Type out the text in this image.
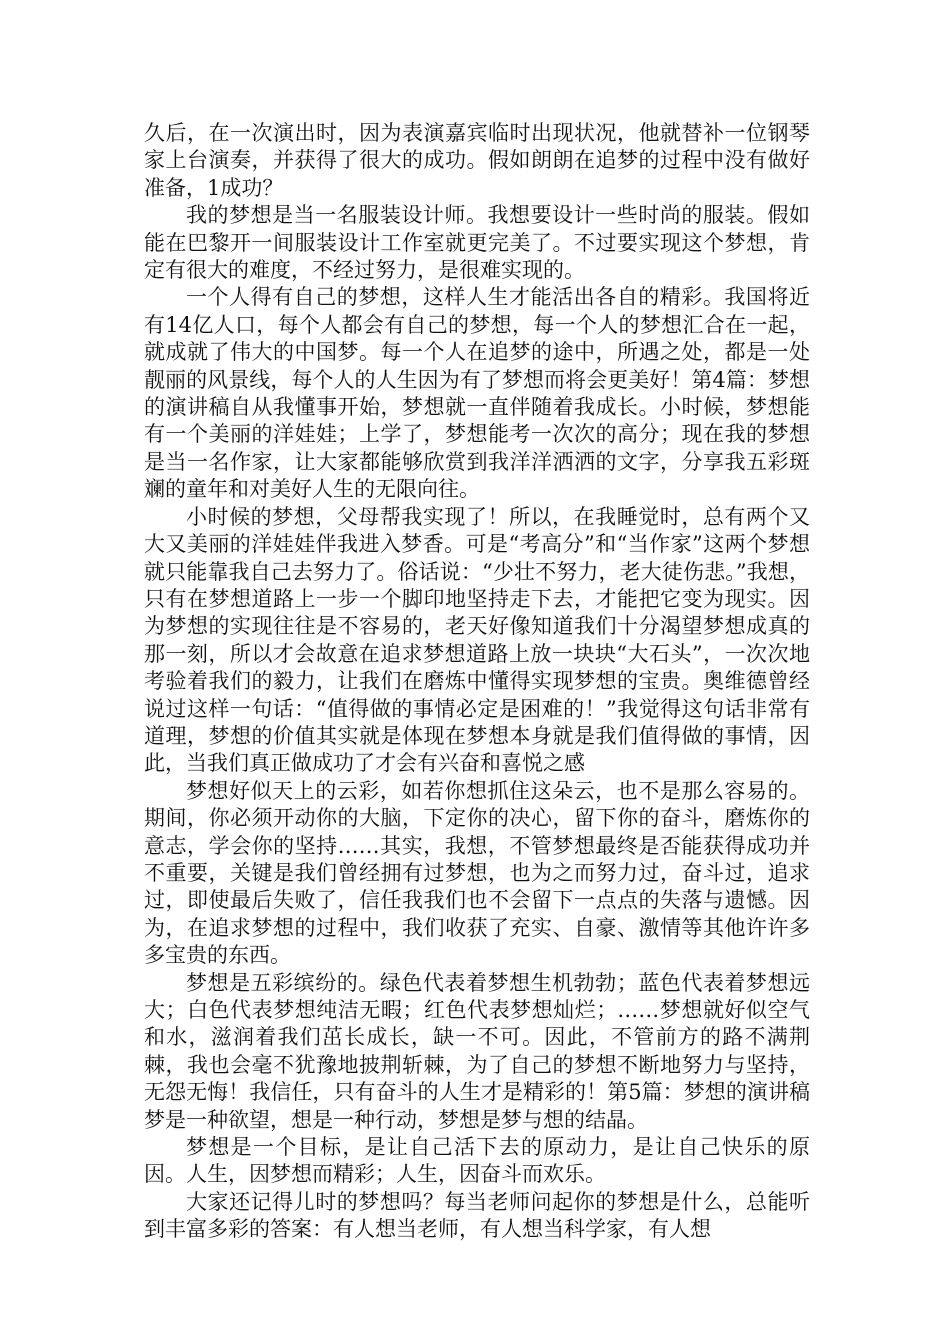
久后，在一次演出时，因为表演嘉宾临时出现状况，他就替补一位钢琴家上台演奏，并获得了很大的成功。假如朗朗在追梦的过程中没有做好准备，1成功？

我的梦想是当一名服装设计师。我想要设计一些时尚的服装。假如能在巴黎开一间服装设计工作室就更完美了。不过要实现这个梦想，肯定有很大的难度，不经过努力，是很难实现的。

一个人得有自己的梦想，这样人生才能活出各自的精彩。我国将近有14亿人口，每个人都会有自己的梦想，每一个人的梦想汇合在一起，就成就了伟大的中国梦。每一个人在追梦的途中，所遇之处，都是一处靓丽的风景线，每个人的人生因为有了梦想而将会更美好！第4篇：梦想的演讲稿自从我懂事开始，梦想就一直伴随着我成长。小时候，梦想能有一个美丽的洋娃娃；上学了，梦想能考一次次的高分；现在我的梦想是当一名作家，让大家都能够欣赏到我洋洋洒洒的文字，分享我五彩斑斓的童年和对美好人生的无限向往。

小时候的梦想，父母帮我实现了！所以，在我睡觉时，总有两个又大又美丽的洋娃娃伴我进入梦香。可是“考高分”和“当作家”这两个梦想就只能靠我自己去努力了。俗话说：“少壮不努力，老大徒伤悲。”我想，只有在梦想道路上一步一个脚印地坚持走下去，才能把它变为现实。因为梦想的实现往往是不容易的，老天好像知道我们十分渴望梦想成真的那一刻，所以才会故意在追求梦想道路上放一块块“大石头”，一次次地考验着我们的毅力，让我们在磨炼中懂得实现梦想的宝贵。奥维德曾经说过这样一句话：“值得做的事情必定是困难的！”我觉得这句话非常有道理，梦想的价值其实就是体现在梦想本身就是我们值得做的事情，因此，当我们真正做成功了才会有兴奋和喜悦之感

梦想好似天上的云彩，如若你想抓住这朵云，也不是那么容易的。期间，你必须开动你的大脑，下定你的决心，留下你的奋斗，磨炼你的意志，学会你的坚持……其实，我想，不管梦想最终是否能获得成功并不重要，关键是我们曾经拥有过梦想，也为之而努力过，奋斗过，追求过，即使最后失败了，信任我我们也不会留下一点点的失落与遗憾。因为，在追求梦想的过程中，我们收获了充实、自豪、激情等其他许许多多宝贵的东西。

梦想是五彩缤纷的。绿色代表着梦想生机勃勃；蓝色代表着梦想远大；白色代表梦想纯洁无暇；红色代表梦想灿烂；……梦想就好似空气和水，滋润着我们茁长成长，缺一不可。因此，不管前方的路不满荆棘，我也会毫不犹豫地披荆斩棘，为了自己的梦想不断地努力与坚持，无怨无悔！我信任，只有奋斗的人生才是精彩的！第5篇：梦想的演讲稿梦是一种欲望，想是一种行动，梦想是梦与想的结晶。

梦想是一个目标，是让自己活下去的原动力，是让自己快乐的原因。人生，因梦想而精彩；人生，因奋斗而欢乐。

大家还记得儿时的梦想吗？每当老师问起你的梦想是什么，总能听到丰富多彩的答案：有人想当老师，有人想当科学家，有人想
